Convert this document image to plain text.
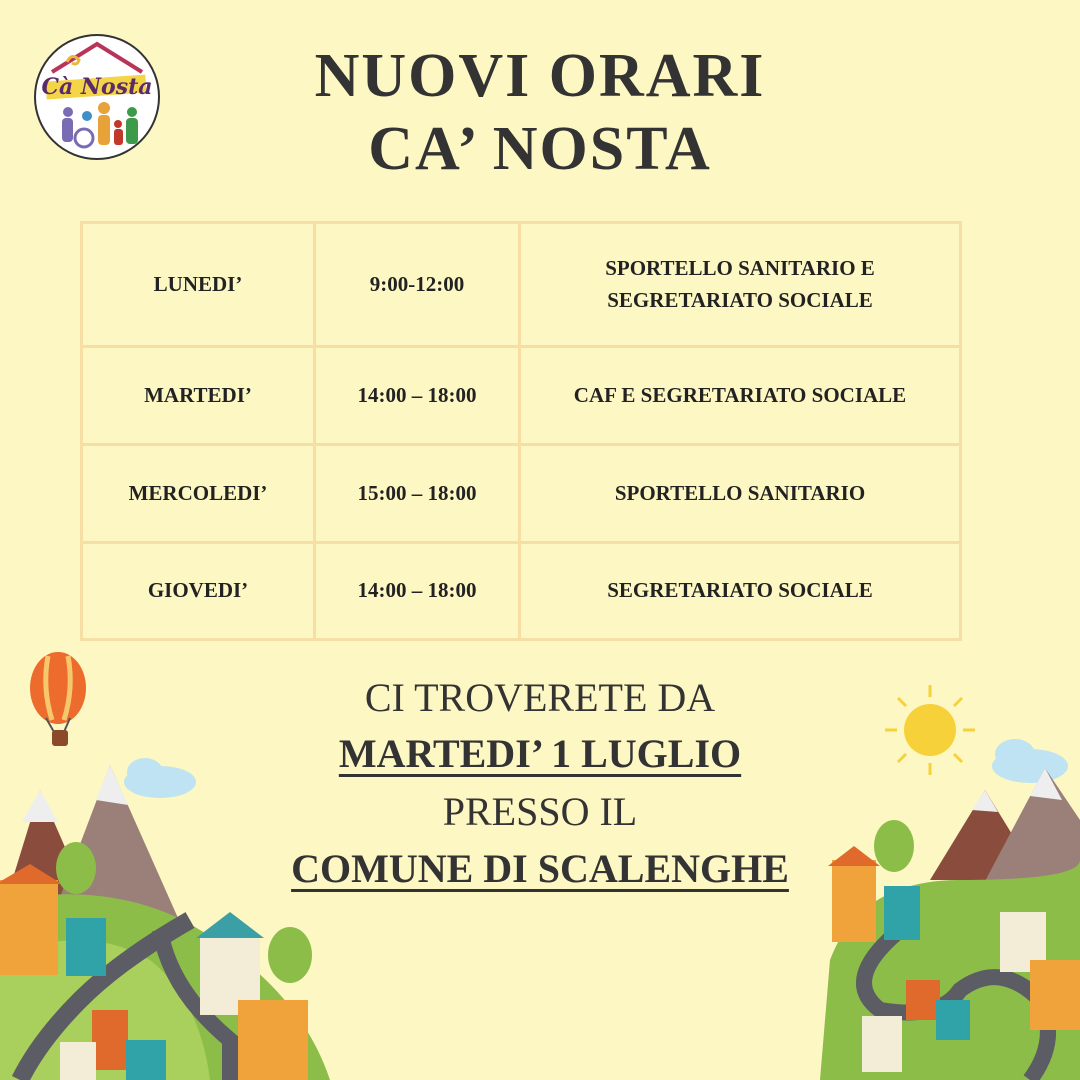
Cà Nosta	NUOVI ORARI
CA’ NOSTA
LUNEDI’	9:00-12:00	SPORTELLO SANITARIO E
SEGRETARIATO SOCIALE

MARTEDI’	14:00 – 18:00	CAF E SEGRETARIATO SOCIALE
MERCOLEDI’	15:00 – 18:00	SPORTELLO SANITARIO
GIOVEDI’	14:00 – 18:00	SEGRETARIATO SOCIALE
CI TROVERETE DA
MARTEDI’ 1 LUGLIO
PRESSO IL
COMUNE DI SCALENGHE
